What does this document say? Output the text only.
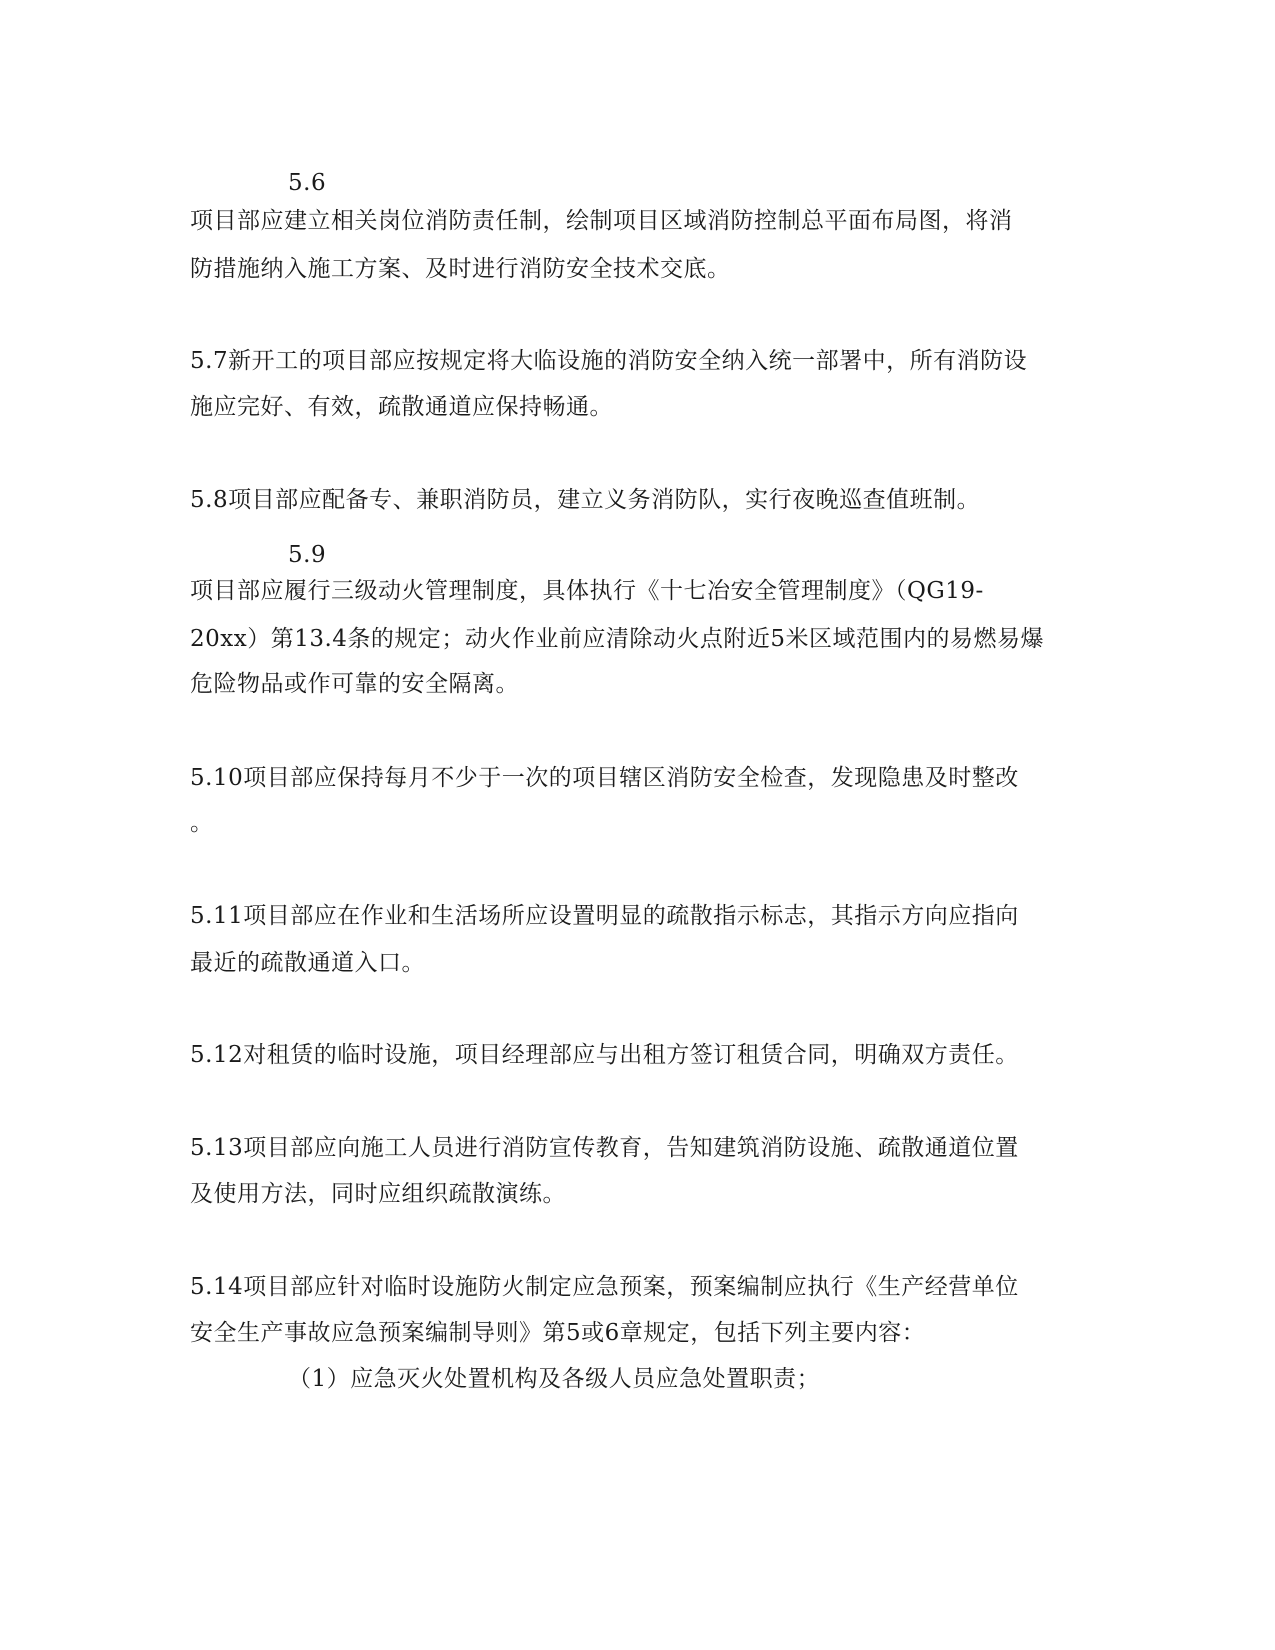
5.6
项目部应建立相关岗位消防责任制，绘制项目区域消防控制总平面布局图，将消
防措施纳入施工方案、及时进行消防安全技术交底。
5.7新开工的项目部应按规定将大临设施的消防安全纳入统一部署中，所有消防设
施应完好、有效，疏散通道应保持畅通。
5.8项目部应配备专、兼职消防员，建立义务消防队，实行夜晚巡查值班制。
5.9
项目部应履行三级动火管理制度，具体执行《十七冶安全管理制度》（QG19-
20xx）第13.4条的规定；动火作业前应清除动火点附近5米区域范围内的易燃易爆
危险物品或作可靠的安全隔离。
5.10项目部应保持每月不少于一次的项目辖区消防安全检查，发现隐患及时整改
。
5.11项目部应在作业和生活场所应设置明显的疏散指示标志，其指示方向应指向
最近的疏散通道入口。
5.12对租赁的临时设施，项目经理部应与出租方签订租赁合同，明确双方责任。
5.13项目部应向施工人员进行消防宣传教育，告知建筑消防设施、疏散通道位置
及使用方法，同时应组织疏散演练。
5.14项目部应针对临时设施防火制定应急预案，预案编制应执行《生产经营单位
安全生产事故应急预案编制导则》第5或6章规定，包括下列主要内容：
（1）应急灭火处置机构及各级人员应急处置职责；
